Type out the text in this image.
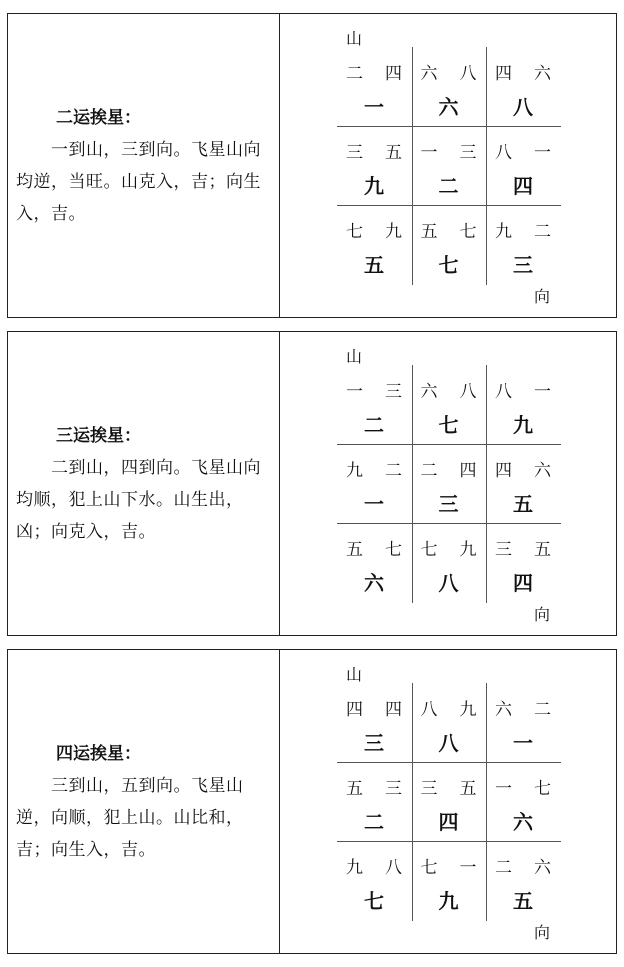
二运挨星：
一到山，三到向。飞星山向均逆，当旺。山克入，吉；向生入，吉。
山
向
二 四
一
六 八
六
四 六
八
三 五
九
一 三
二
八 一
四
七 九
五
五 七
七
九 二
三
三运挨星：
二到山，四到向。飞星山向均顺，犯上山下水。山生出，凶；向克入，吉。
山
向
一 三
二
六 八
七
八 一
九
九 二
一
二 四
三
四 六
五
五 七
六
七 九
八
三 五
四
四运挨星：
三到山，五到向。飞星山逆，向顺，犯上山。山比和，吉；向生入，吉。
山
向
四 四
三
八 九
八
六 二
一
五 三
二
三 五
四
一 七
六
九 八
七
七 一
九
二 六
五
